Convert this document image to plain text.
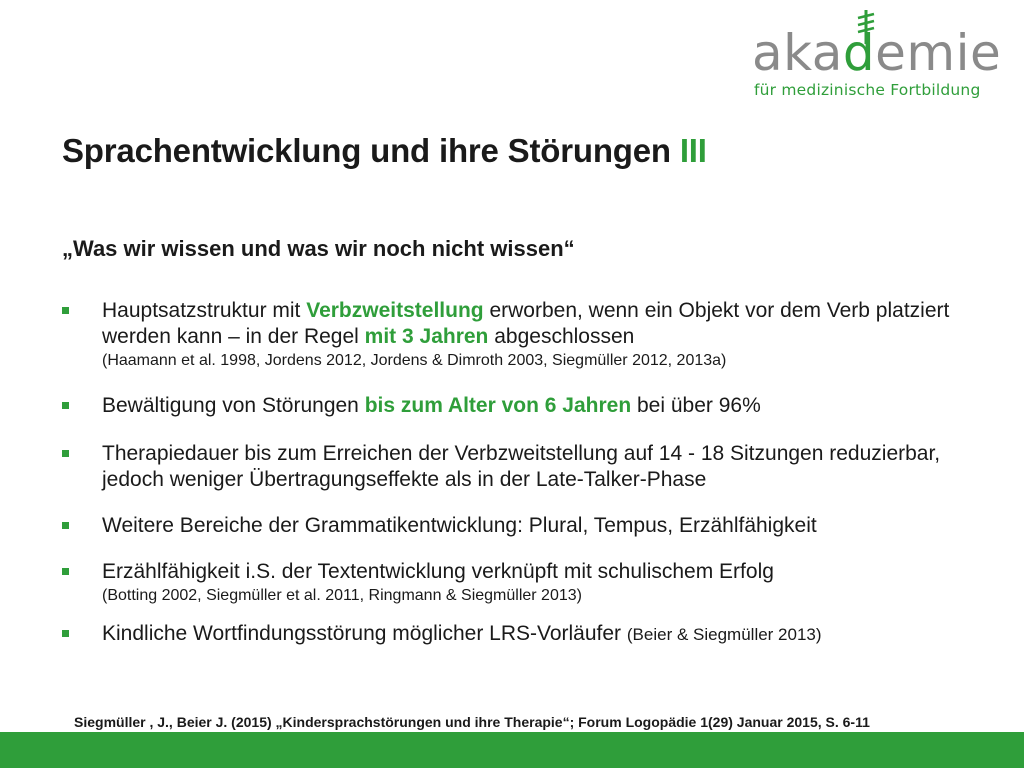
akademie
für medizinische Fortbildung
Sprachentwicklung und ihre Störungen III
„Was wir wissen und was wir noch nicht wissen“
Hauptsatzstruktur mit Verbzweitstellung erworben, wenn ein Objekt vor dem Verb platziert werden kann – in der Regel mit 3 Jahren abgeschlossen
(Haamann et al. 1998, Jordens 2012, Jordens & Dimroth 2003, Siegmüller 2012, 2013a)
Bewältigung von Störungen bis zum Alter von 6 Jahren bei über 96%
Therapiedauer bis zum Erreichen der Verbzweitstellung auf 14 - 18 Sitzungen reduzierbar, jedoch weniger Übertragungseffekte als in der Late-Talker-Phase
Weitere Bereiche der Grammatikentwicklung: Plural, Tempus, Erzählfähigkeit
Erzählfähigkeit i.S. der Textentwicklung verknüpft mit schulischem Erfolg
(Botting 2002, Siegmüller et al. 2011, Ringmann & Siegmüller 2013)
Kindliche Wortfindungsstörung möglicher LRS-Vorläufer (Beier & Siegmüller 2013)
Siegmüller , J., Beier J. (2015) „Kindersprachstörungen und ihre Therapie“; Forum Logopädie 1(29) Januar 2015, S. 6-11
